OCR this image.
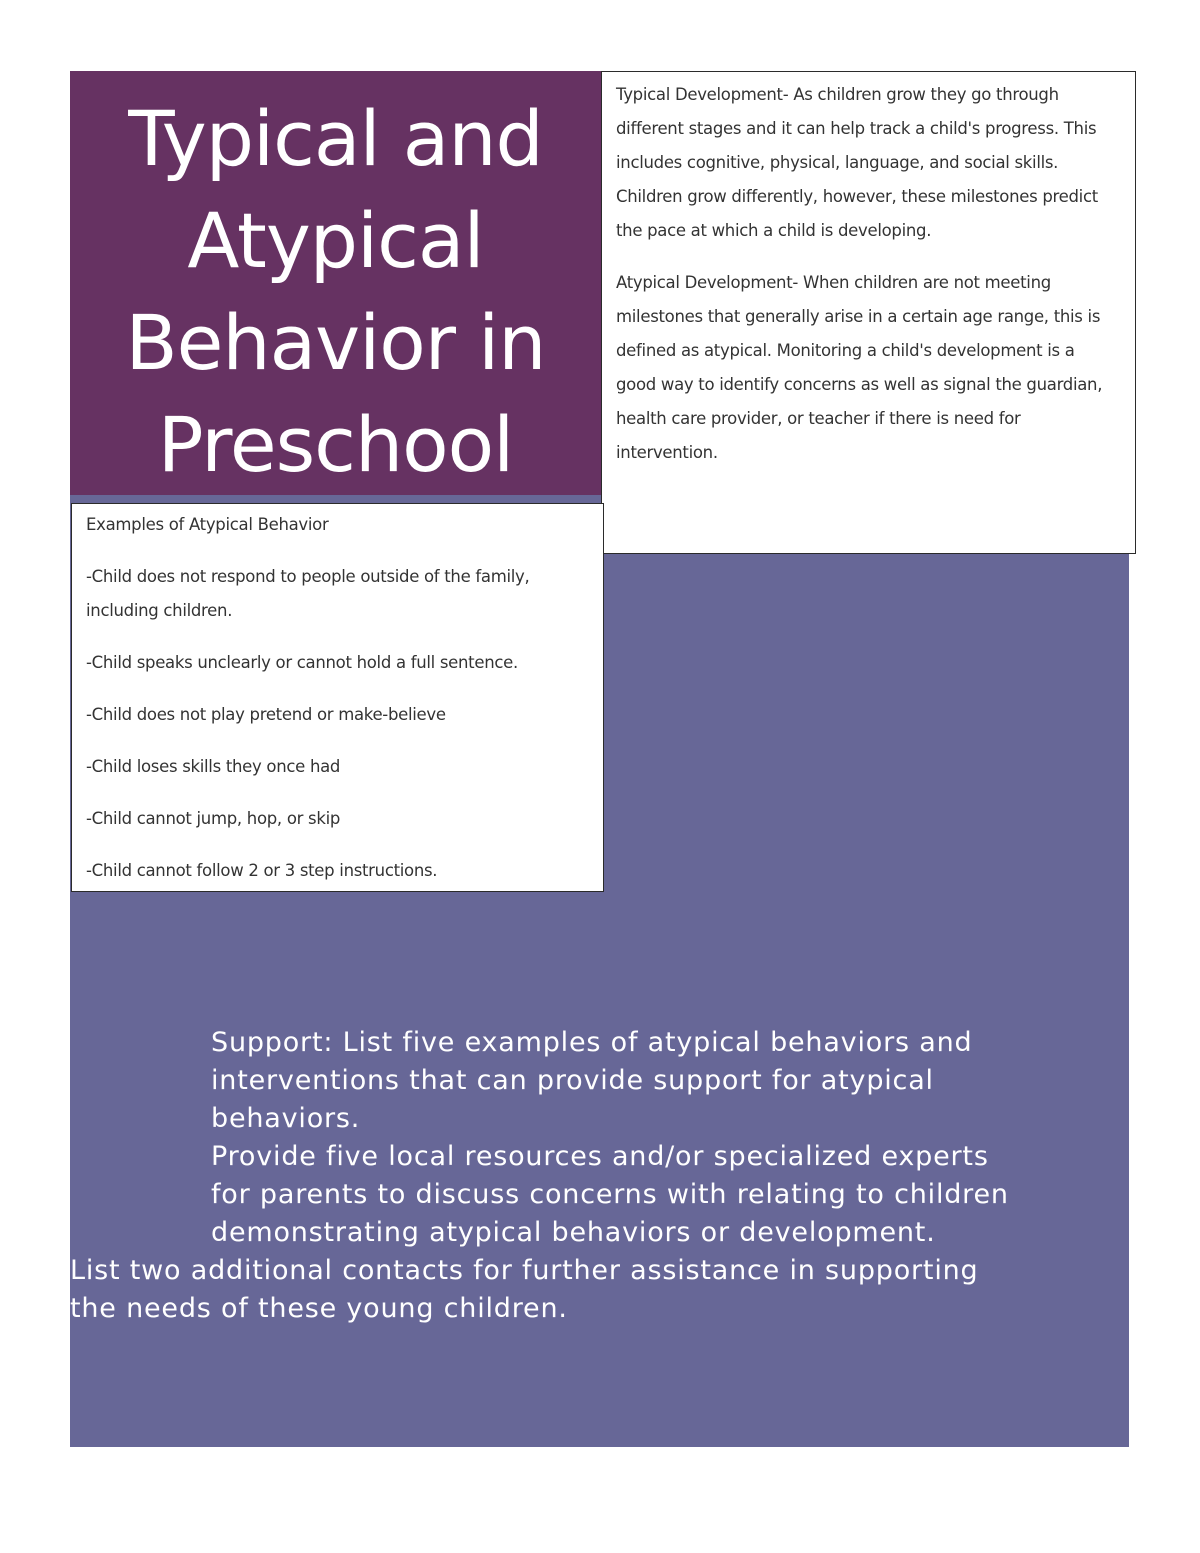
Typical and Atypical Behavior in Preschool

Typical Development- As children grow they go through different stages and it can help track a child's progress. This includes cognitive, physical, language, and social skills. Children grow differently, however, these milestones predict the pace at which a child is developing.

Atypical Development- When children are not meeting milestones that generally arise in a certain age range, this is defined as atypical. Monitoring a child's development is a good way to identify concerns as well as signal the guardian, health care provider, or teacher if there is need for intervention.

Examples of Atypical Behavior

-Child does not respond to people outside of the family, including children.

-Child speaks unclearly or cannot hold a full sentence.

-Child does not play pretend or make-believe

-Child loses skills they once had

-Child cannot jump, hop, or skip

-Child cannot follow 2 or 3 step instructions.

Support: List five examples of atypical behaviors and interventions that can provide support for atypical behaviors.

Provide five local resources and/or specialized experts for parents to discuss concerns with relating to children demonstrating atypical behaviors or development.

List two additional contacts for further assistance in supporting the needs of these young children.
